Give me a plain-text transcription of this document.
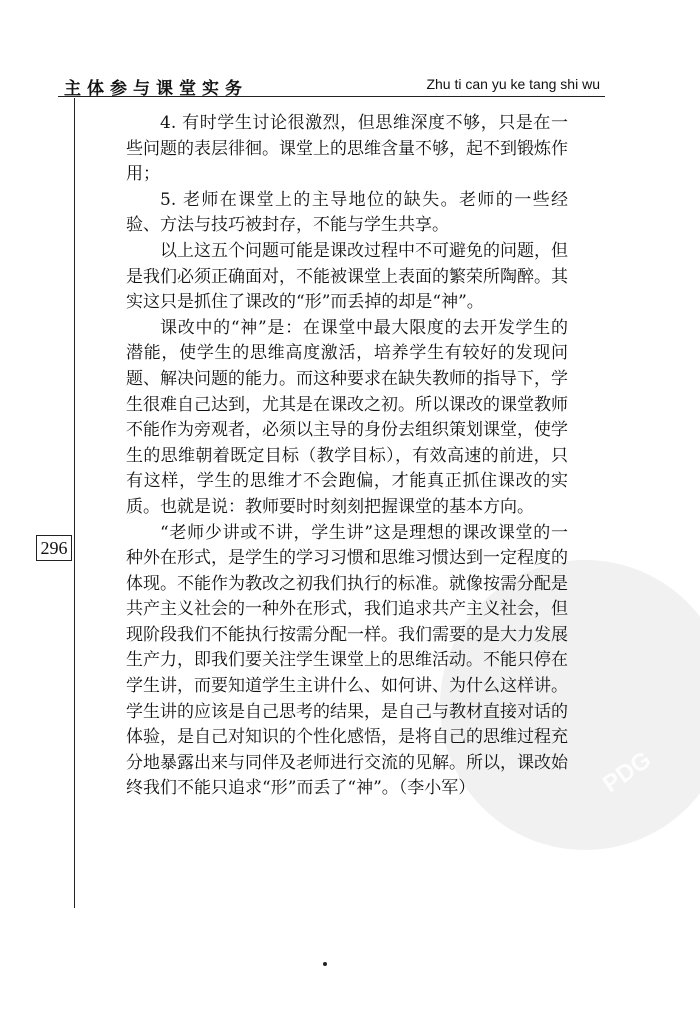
主体参与课堂实务	Zhu ti can yu ke tang shi wu
296
PDG

4. 有时学生讨论很激烈，但思维深度不够，只是在一些问题的表层徘徊。课堂上的思维含量不够，起不到锻炼作用；

5. 老师在课堂上的主导地位的缺失。老师的一些经验、方法与技巧被封存，不能与学生共享。

以上这五个问题可能是课改过程中不可避免的问题，但是我们必须正确面对，不能被课堂上表面的繁荣所陶醉。其实这只是抓住了课改的“形”而丢掉的却是“神”。

课改中的“神”是：在课堂中最大限度的去开发学生的潜能，使学生的思维高度激活，培养学生有较好的发现问题、解决问题的能力。而这种要求在缺失教师的指导下，学生很难自己达到，尤其是在课改之初。所以课改的课堂教师不能作为旁观者，必须以主导的身份去组织策划课堂，使学生的思维朝着既定目标（教学目标），有效高速的前进，只有这样，学生的思维才不会跑偏，才能真正抓住课改的实质。也就是说：教师要时时刻刻把握课堂的基本方向。

“老师少讲或不讲，学生讲”这是理想的课改课堂的一种外在形式，是学生的学习习惯和思维习惯达到一定程度的体现。不能作为教改之初我们执行的标准。就像按需分配是共产主义社会的一种外在形式，我们追求共产主义社会，但现阶段我们不能执行按需分配一样。我们需要的是大力发展生产力，即我们要关注学生课堂上的思维活动。不能只停在学生讲，而要知道学生主讲什么、如何讲、为什么这样讲。学生讲的应该是自己思考的结果，是自己与教材直接对话的体验，是自己对知识的个性化感悟，是将自己的思维过程充分地暴露出来与同伴及老师进行交流的见解。所以，课改始终我们不能只追求“形”而丢了“神”。（李小军）
